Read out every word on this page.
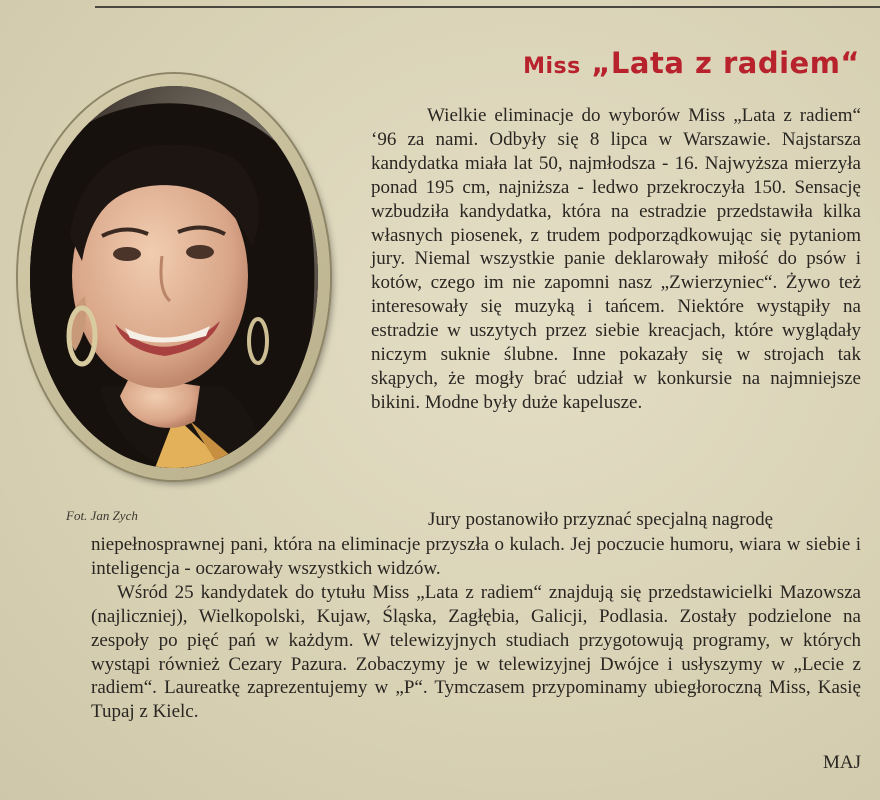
Miss „Lata z radiem“

Fot. Jan Zych

Wielkie eliminacje do wyborów Miss „Lata z radiem“ ‘96 za nami. Odbyły się 8 lipca w Warszawie. Najstarsza kandydatka miała lat 50, najmłodsza - 16. Najwyższa mierzyła ponad 195 cm, najniższa - ledwo przekroczyła 150. Sensację wzbudziła kandydatka, która na estradzie przedstawiła kilka własnych piosenek, z trudem podporządkowując się pytaniom jury. Niemal wszystkie panie deklarowały miłość do psów i kotów, czego im nie zapomni nasz „Zwierzyniec“. Żywo też interesowały się muzyką i tańcem. Niektóre wystąpiły na estradzie w uszytych przez siebie kreacjach, które wyglądały niczym suknie ślubne. Inne pokazały się w strojach tak skąpych, że mogły brać udział w konkursie na najmniejsze bikini. Modne były duże kapelusze.

Jury postanowiło przyznać specjalną nagrodę

niepełnosprawnej pani, która na eliminacje przyszła o kulach. Jej poczucie humoru, wiara w siebie i inteligencja - oczarowały wszystkich widzów.

Wśród 25 kandydatek do tytułu Miss „Lata z radiem“ znajdują się przedstawicielki Mazowsza (najliczniej), Wielkopolski, Kujaw, Śląska, Zagłębia, Galicji, Podlasia. Zostały podzielone na zespoły po pięć pań w każdym. W telewizyjnych studiach przygotowują programy, w których wystąpi również Cezary Pazura. Zobaczymy je w telewizyjnej Dwójce i usłyszymy w „Lecie z radiem“. Laureatkę zaprezentujemy w „P“. Tymczasem przypominamy ubiegłoroczną Miss, Kasię Tupaj z Kielc.

MAJ
